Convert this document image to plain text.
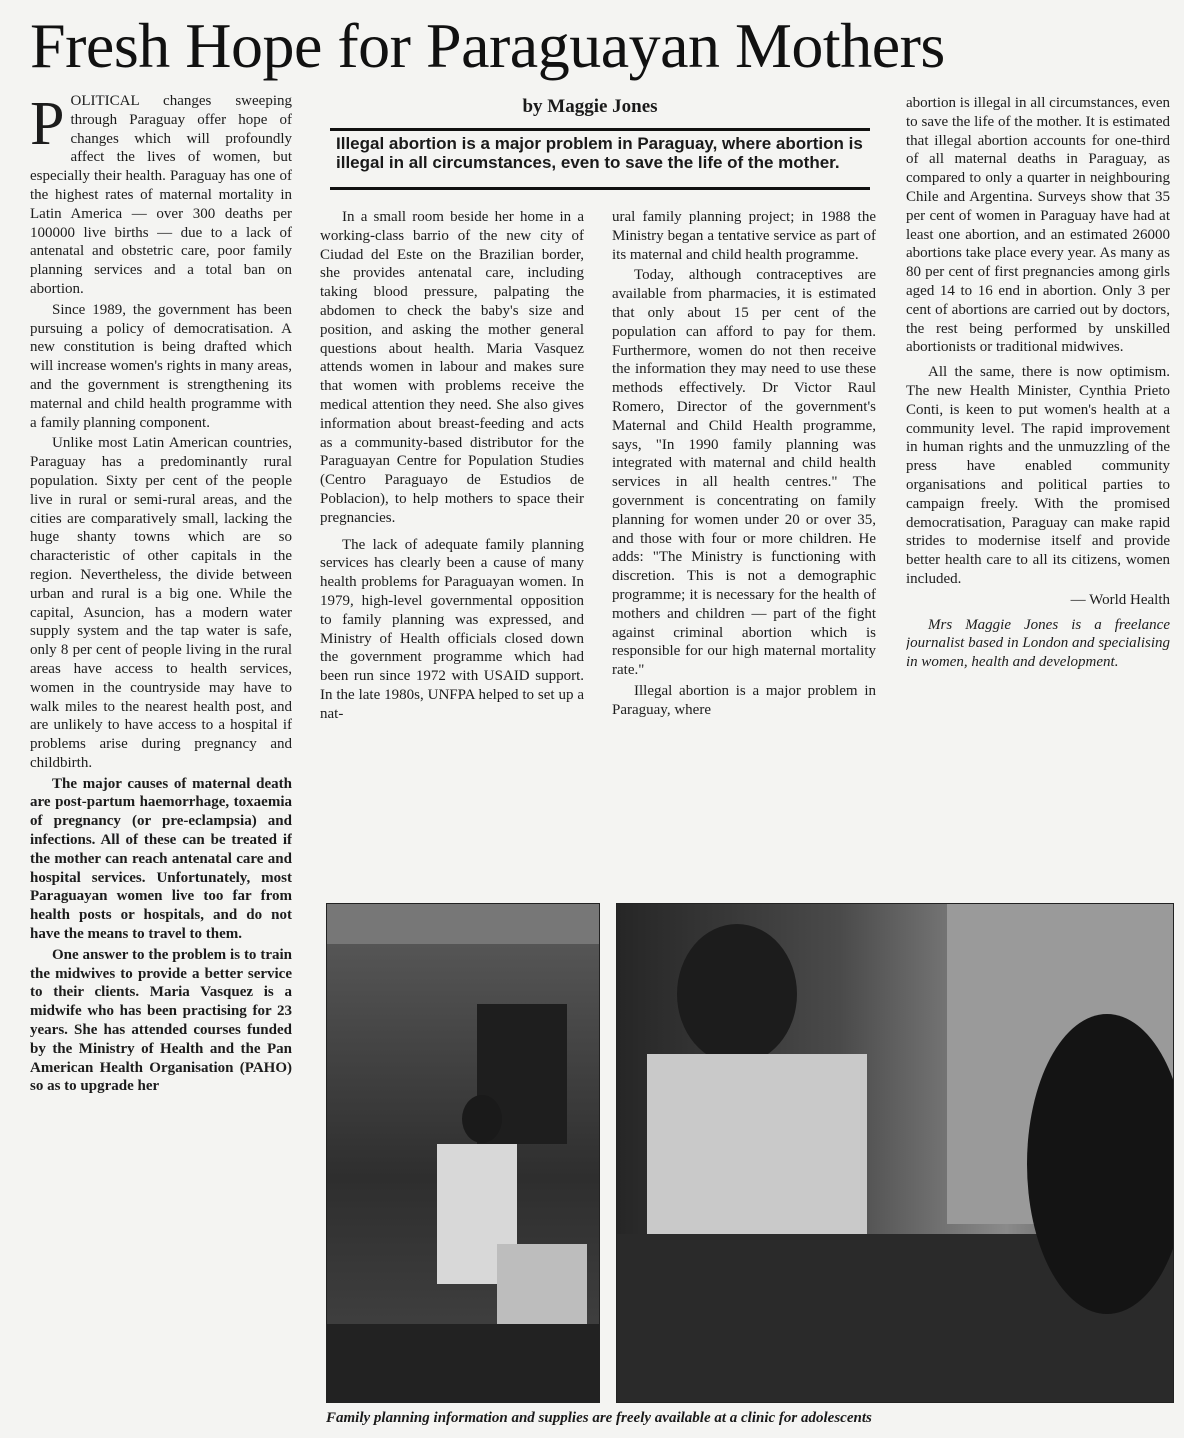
Fresh Hope for Paraguayan Mothers

POLITICAL changes sweeping through Paraguay offer hope of changes which will profoundly affect the lives of women, but especially their health. Paraguay has one of the highest rates of maternal mortality in Latin America — over 300 deaths per 100000 live births — due to a lack of antenatal and obstetric care, poor family planning services and a total ban on abortion.

Since 1989, the government has been pursuing a policy of democratisation. A new constitution is being drafted which will increase women's rights in many areas, and the government is strengthening its maternal and child health programme with a family planning component.

Unlike most Latin American countries, Paraguay has a predominantly rural population. Sixty per cent of the people live in rural or semi-rural areas, and the cities are comparatively small, lacking the huge shanty towns which are so characteristic of other capitals in the region. Nevertheless, the divide between urban and rural is a big one. While the capital, Asuncion, has a modern water supply system and the tap water is safe, only 8 per cent of people living in the rural areas have access to health services, women in the countryside may have to walk miles to the nearest health post, and are unlikely to have access to a hospital if problems arise during pregnancy and childbirth.

The major causes of maternal death are post-partum haemorrhage, toxaemia of pregnancy (or pre-eclampsia) and infections. All of these can be treated if the mother can reach antenatal care and hospital services. Unfortunately, most Paraguayan women live too far from health posts or hospitals, and do not have the means to travel to them.

One answer to the problem is to train the midwives to provide a better service to their clients. Maria Vasquez is a midwife who has been practising for 23 years. She has attended courses funded by the Ministry of Health and the Pan American Health Organisation (PAHO) so as to upgrade her

by Maggie Jones
Illegal abortion is a major problem in Paraguay, where abortion is illegal in all circumstances, even to save the life of the mother.

In a small room beside her home in a working-class barrio of the new city of Ciudad del Este on the Brazilian border, she provides antenatal care, including taking blood pressure, palpating the abdomen to check the baby's size and position, and asking the mother general questions about health. Maria Vasquez attends women in labour and makes sure that women with problems receive the medical attention they need. She also gives information about breast-feeding and acts as a community-based distributor for the Paraguayan Centre for Population Studies (Centro Paraguayo de Estudios de Poblacion), to help mothers to space their pregnancies.

The lack of adequate family planning services has clearly been a cause of many health problems for Paraguayan women. In 1979, high-level governmental opposition to family planning was expressed, and Ministry of Health officials closed down the government programme which had been run since 1972 with USAID support. In the late 1980s, UNFPA helped to set up a nat-

ural family planning project; in 1988 the Ministry began a tentative service as part of its maternal and child health programme.

Today, although contraceptives are available from pharmacies, it is estimated that only about 15 per cent of the population can afford to pay for them. Furthermore, women do not then receive the information they may need to use these methods effectively. Dr Victor Raul Romero, Director of the government's Maternal and Child Health programme, says, "In 1990 family planning was integrated with maternal and child health services in all health centres." The government is concentrating on family planning for women under 20 or over 35, and those with four or more children. He adds: "The Ministry is functioning with discretion. This is not a demographic programme; it is necessary for the health of mothers and children — part of the fight against criminal abortion which is responsible for our high maternal mortality rate."

Illegal abortion is a major problem in Paraguay, where

abortion is illegal in all circumstances, even to save the life of the mother. It is estimated that illegal abortion accounts for one-third of all maternal deaths in Paraguay, as compared to only a quarter in neighbouring Chile and Argentina. Surveys show that 35 per cent of women in Paraguay have had at least one abortion, and an estimated 26000 abortions take place every year. As many as 80 per cent of first pregnancies among girls aged 14 to 16 end in abortion. Only 3 per cent of abortions are carried out by doctors, the rest being performed by unskilled abortionists or traditional midwives.

All the same, there is now optimism. The new Health Minister, Cynthia Prieto Conti, is keen to put women's health at a community level. The rapid improvement in human rights and the unmuzzling of the press have enabled community organisations and political parties to campaign freely. With the promised democratisation, Paraguay can make rapid strides to modernise itself and provide better health care to all its citizens, women included.

— World Health

Mrs Maggie Jones is a freelance journalist based in London and specialising in women, health and development.

Family planning information and supplies are freely available at a clinic for adolescents
